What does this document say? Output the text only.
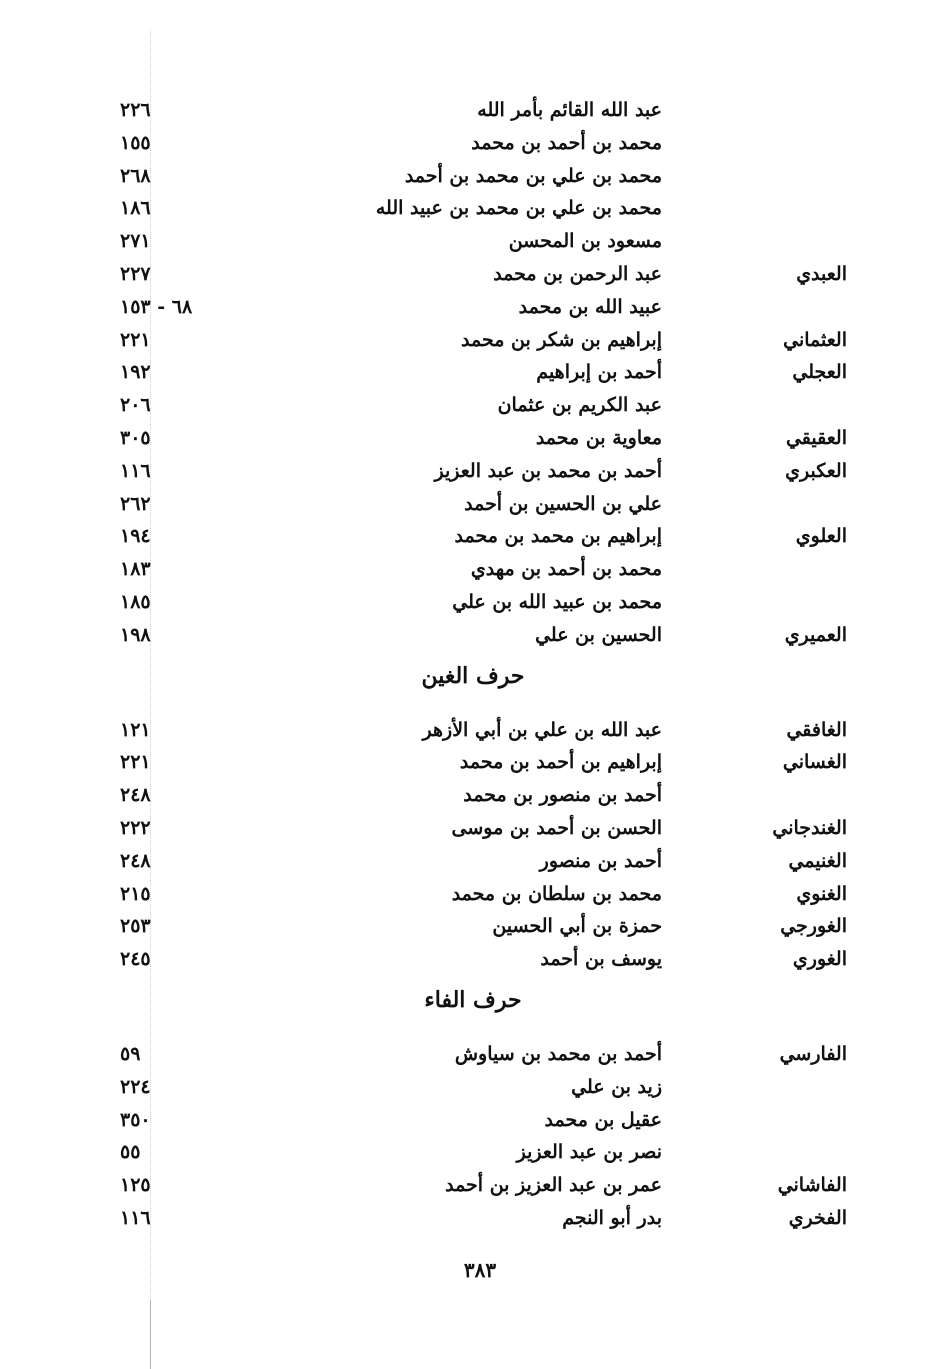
عبد الله القائم بأمر الله
٢٢٦
محمد بن أحمد بن محمد
١٥٥
محمد بن علي بن محمد بن أحمد
٢٦٨
محمد بن علي بن محمد بن عبيد الله
١٨٦
مسعود بن المحسن
٢٧١
العبدي
عبد الرحمن بن محمد
٢٢٧
عبيد الله بن محمد
٦٨ - ١٥٣
العثماني
إبراهيم بن شكر بن محمد
٢٢١
العجلي
أحمد بن إبراهيم
١٩٢
عبد الكريم بن عثمان
٢٠٦
العقيقي
معاوية بن محمد
٣٠٥
العكبري
أحمد بن محمد بن عبد العزيز
١١٦
علي بن الحسين بن أحمد
٢٦٢
العلوي
إبراهيم بن محمد بن محمد
١٩٤
محمد بن أحمد بن مهدي
١٨٣
محمد بن عبيد الله بن علي
١٨٥
العميري
الحسين بن علي
١٩٨
حرف الغين
الغافقي
عبد الله بن علي بن أبي الأزهر
١٢١
الغساني
إبراهيم بن أحمد بن محمد
٢٢١
أحمد بن منصور بن محمد
٢٤٨
الغندجاني
الحسن بن أحمد بن موسى
٢٢٢
الغنيمي
أحمد بن منصور
٢٤٨
الغنوي
محمد بن سلطان بن محمد
٢١٥
الغورجي
حمزة بن أبي الحسين
٢٥٣
الغوري
يوسف بن أحمد
٢٤٥
حرف الفاء
الفارسي
أحمد بن محمد بن سياوش
٥٩
زيد بن علي
٢٢٤
عقيل بن محمد
٣٥٠
نصر بن عبد العزيز
٥٥
الفاشاني
عمر بن عبد العزيز بن أحمد
١٢٥
الفخري
بدر أبو النجم
١١٦
٣٨٣
